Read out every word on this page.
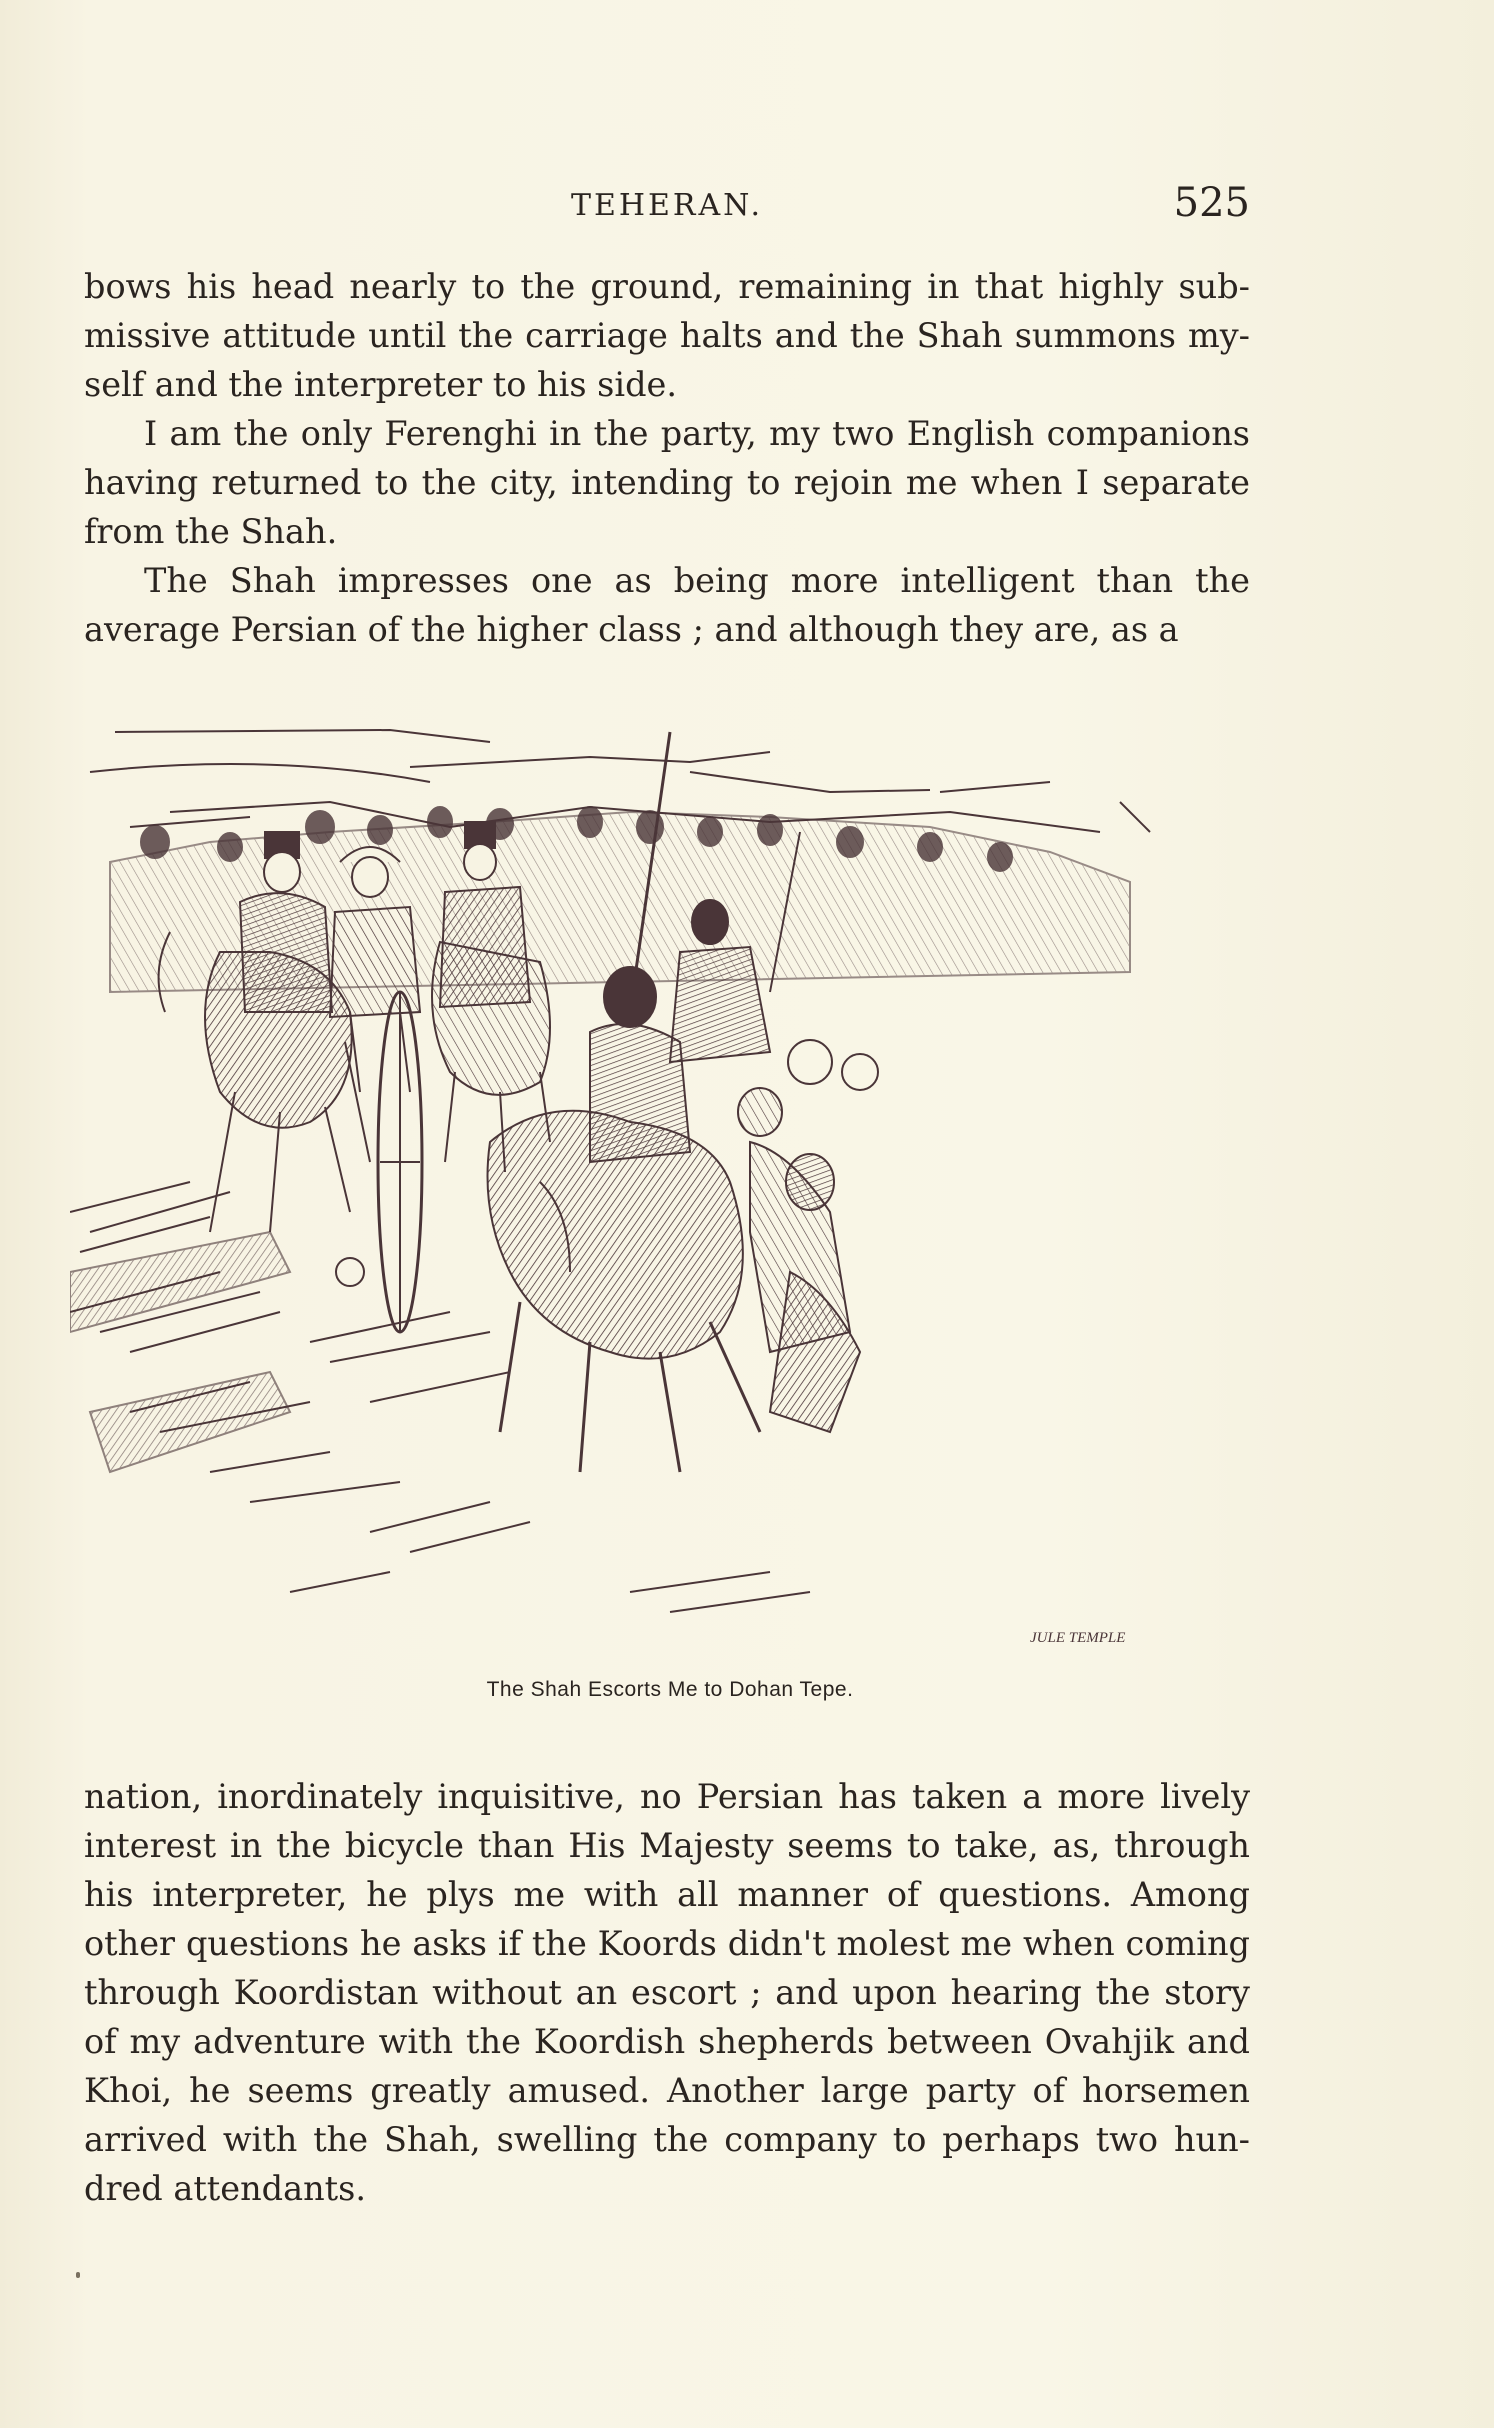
TEHERAN.	525

bows his head nearly to the ground, remaining in that highly sub-missive attitude until the carriage halts and the Shah summons my-self and the interpreter to his side.

I am the only Ferenghi in the party, my two English companions having returned to the city, intending to rejoin me when I separate from the Shah.

The Shah impresses one as being more intelligent than the average Persian of the higher class ; and although they are, as a

JULE TEMPLE
The Shah Escorts Me to Dohan Tepe.

nation, inordinately inquisitive, no Persian has taken a more lively interest in the bicycle than His Majesty seems to take, as, through his interpreter, he plys me with all manner of questions. Among other questions he asks if the Koords didn't molest me when coming through Koordistan without an escort ; and upon hearing the story of my adventure with the Koordish shepherds between Ovahjik and Khoi, he seems greatly amused. Another large party of horsemen arrived with the Shah, swelling the company to perhaps two hun-dred attendants.
